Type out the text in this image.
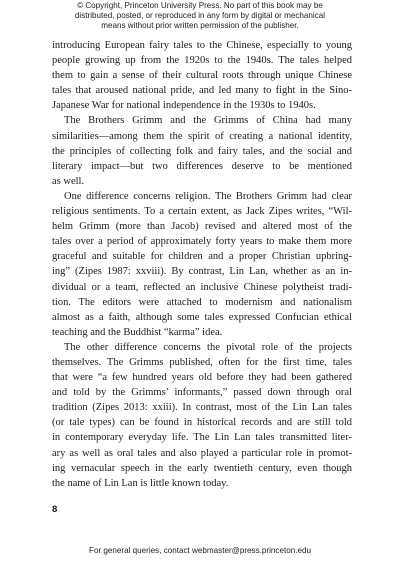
© Copyright, Princeton University Press. No part of this book may be
distributed, posted, or reproduced in any form by digital or mechanical
means without prior written permission of the publisher.

introducing European fairy tales to the Chinese, especially to young
people growing up from the 1920s to the 1940s. The tales helped
them to gain a sense of their cultural roots through unique Chinese
tales that aroused national pride, and led many to fight in the Sino-
Japanese War for national independence in the 1930s to 1940s.

The Brothers Grimm and the Grimms of China had many
similarities—among them the spirit of creating a national identity,
the principles of collecting folk and fairy tales, and the social and
literary impact—but two differences deserve to be mentioned
as well.

One difference concerns religion. The Brothers Grimm had clear
religious sentiments. To a certain extent, as Jack Zipes writes, “Wil-
helm Grimm (more than Jacob) revised and altered most of the
tales over a period of approximately forty years to make them more
graceful and suitable for children and a proper Christian upbring-
ing” (Zipes 1987: xxviii). By contrast, Lin Lan, whether as an in-
dividual or a team, reflected an inclusive Chinese polytheist tradi-
tion. The editors were attached to modernism and nationalism
almost as a faith, although some tales expressed Confucian ethical
teaching and the Buddhist “karma” idea.

The other difference concerns the pivotal role of the projects
themselves. The Grimms published, often for the first time, tales
that were “a few hundred years old before they had been gathered
and told by the Grimms’ informants,” passed down through oral
tradition (Zipes 2013: xxiii). In contrast, most of the Lin Lan tales
(or tale types) can be found in historical records and are still told
in contemporary everyday life. The Lin Lan tales transmitted liter-
ary as well as oral tales and also played a particular role in promot-
ing vernacular speech in the early twentieth century, even though
the name of Lin Lan is little known today.

8
For general queries, contact webmaster@press.princeton.edu
